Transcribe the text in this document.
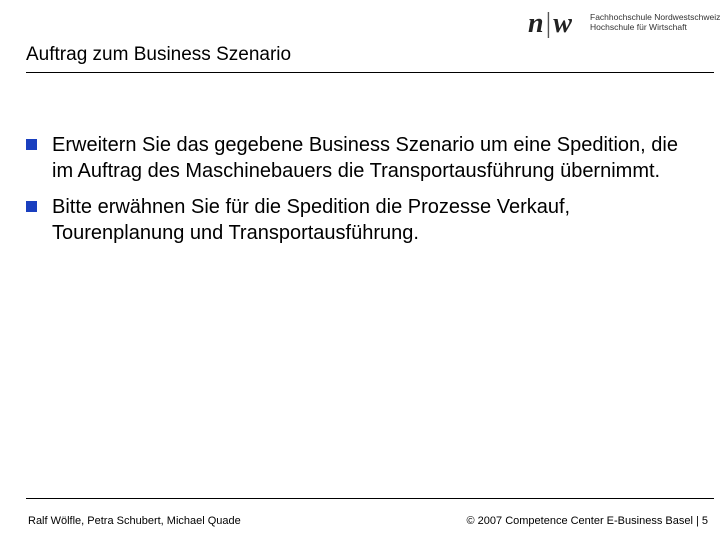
n|w Fachhochschule Nordwestschweiz
Hochschule für Wirtschaft
Auftrag zum Business Szenario
Erweitern Sie das gegebene Business Szenario um eine Spedition, die im Auftrag des Maschinebauers die Transportausführung übernimmt.
Bitte erwähnen Sie für die Spedition die Prozesse Verkauf, Tourenplanung und Transportausführung.
Ralf Wölfle, Petra Schubert, Michael Quade	© 2007 Competence Center E-Business Basel | 5
